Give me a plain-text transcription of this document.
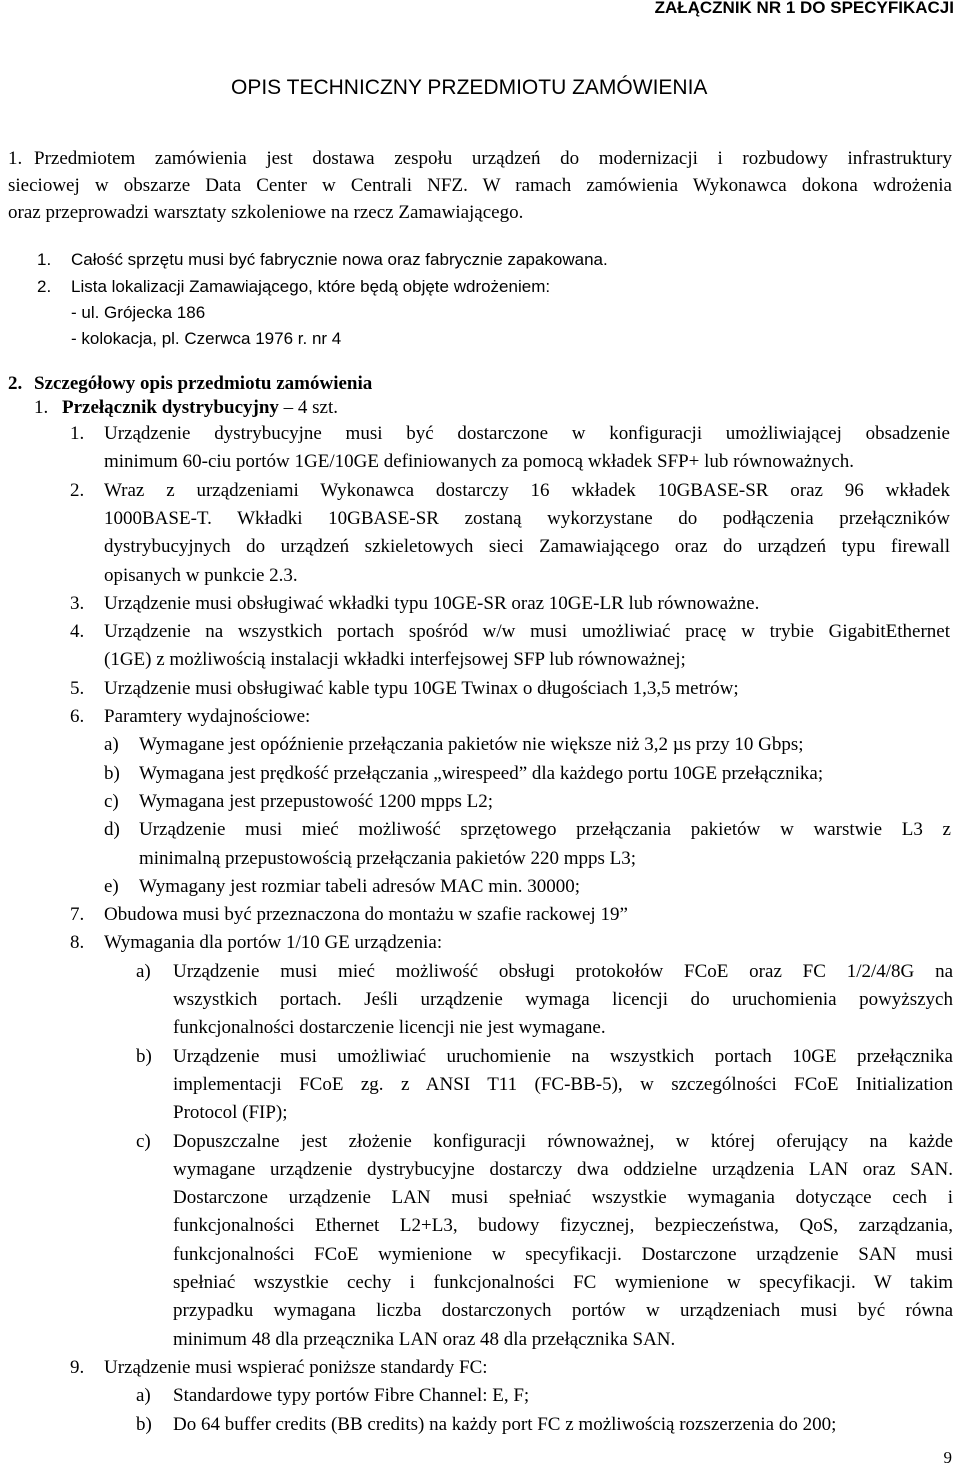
ZAŁĄCZNIK NR 1 DO SPECYFIKACJI
OPIS TECHNICZNY PRZEDMIOTU ZAMÓWIENIA
1. Przedmiotem zamówienia jest dostawa zespołu urządzeń do modernizacji i rozbudowy infrastruktury
sieciowej w obszarze Data Center w Centrali NFZ. W ramach zamówienia Wykonawca dokona wdrożenia
oraz przeprowadzi warsztaty szkoleniowe na rzecz Zamawiającego.
1. Całość sprzętu musi być fabrycznie nowa oraz fabrycznie zapakowana.
2. Lista lokalizacji Zamawiającego, które będą objęte wdrożeniem:
- ul. Grójecka 186
- kolokacja, pl. Czerwca 1976 r. nr 4
2. Szczegółowy opis przedmiotu zamówienia
1. Przełącznik dystrybucyjny – 4 szt.
1. Urządzenie dystrybucyjne musi być dostarczone w konfiguracji umożliwiającej obsadzenie
minimum 60-ciu portów 1GE/10GE definiowanych za pomocą wkładek SFP+ lub równoważnych.
2. Wraz z urządzeniami Wykonawca dostarczy 16 wkładek 10GBASE-SR oraz 96 wkładek
1000BASE-T. Wkładki 10GBASE-SR zostaną wykorzystane do podłączenia przełączników
dystrybucyjnych do urządzeń szkieletowych sieci Zamawiającego oraz do urządzeń typu firewall
opisanych w punkcie 2.3.
3. Urządzenie musi obsługiwać wkładki typu 10GE-SR oraz 10GE-LR lub równoważne.
4. Urządzenie na wszystkich portach spośród w/w musi umożliwiać pracę w trybie GigabitEthernet
(1GE) z możliwością instalacji wkładki interfejsowej SFP lub równoważnej;
5. Urządzenie musi obsługiwać kable typu 10GE Twinax o długościach 1,3,5 metrów;
6. Paramtery wydajnościowe:
a) Wymagane jest opóźnienie przełączania pakietów nie większe niż 3,2 µs przy 10 Gbps;
b) Wymagana jest prędkość przełączania „wirespeed” dla każdego portu 10GE przełącznika;
c) Wymagana jest przepustowość 1200 mpps L2;
d) Urządzenie musi mieć możliwość sprzętowego przełączania pakietów w warstwie L3 z
minimalną przepustowością przełączania pakietów 220 mpps L3;
e) Wymagany jest rozmiar tabeli adresów MAC min. 30000;
7. Obudowa musi być przeznaczona do montażu w szafie rackowej 19”
8. Wymagania dla portów 1/10 GE urządzenia:
a) Urządzenie musi mieć możliwość obsługi protokołów FCoE oraz FC 1/2/4/8G na
wszystkich portach. Jeśli urządzenie wymaga licencji do uruchomienia powyższych
funkcjonalności dostarczenie licencji nie jest wymagane.
b) Urządzenie musi umożliwiać uruchomienie na wszystkich portach 10GE przełącznika
implementacji FCoE zg. z ANSI T11 (FC-BB-5), w szczególności FCoE Initialization
Protocol (FIP);
c) Dopuszczalne jest złożenie konfiguracji równoważnej, w której oferujący na każde
wymagane urządzenie dystrybucyjne dostarczy dwa oddzielne urządzenia LAN oraz SAN.
Dostarczone urządzenie LAN musi spełniać wszystkie wymagania dotyczące cech i
funkcjonalności Ethernet L2+L3, budowy fizycznej, bezpieczeństwa, QoS, zarządzania,
funkcjonalności FCoE wymienione w specyfikacji. Dostarczone urządzenie SAN musi
spełniać wszystkie cechy i funkcjonalności FC wymienione w specyfikacji. W takim
przypadku wymagana liczba dostarczonych portów w urządzeniach musi być równa
minimum 48 dla przeącznika LAN oraz 48 dla przełącznika SAN.
9. Urządzenie musi wspierać poniższe standardy FC:
a) Standardowe typy portów Fibre Channel: E, F;
b) Do 64 buffer credits (BB credits) na każdy port FC z możliwością rozszerzenia do 200;
9
